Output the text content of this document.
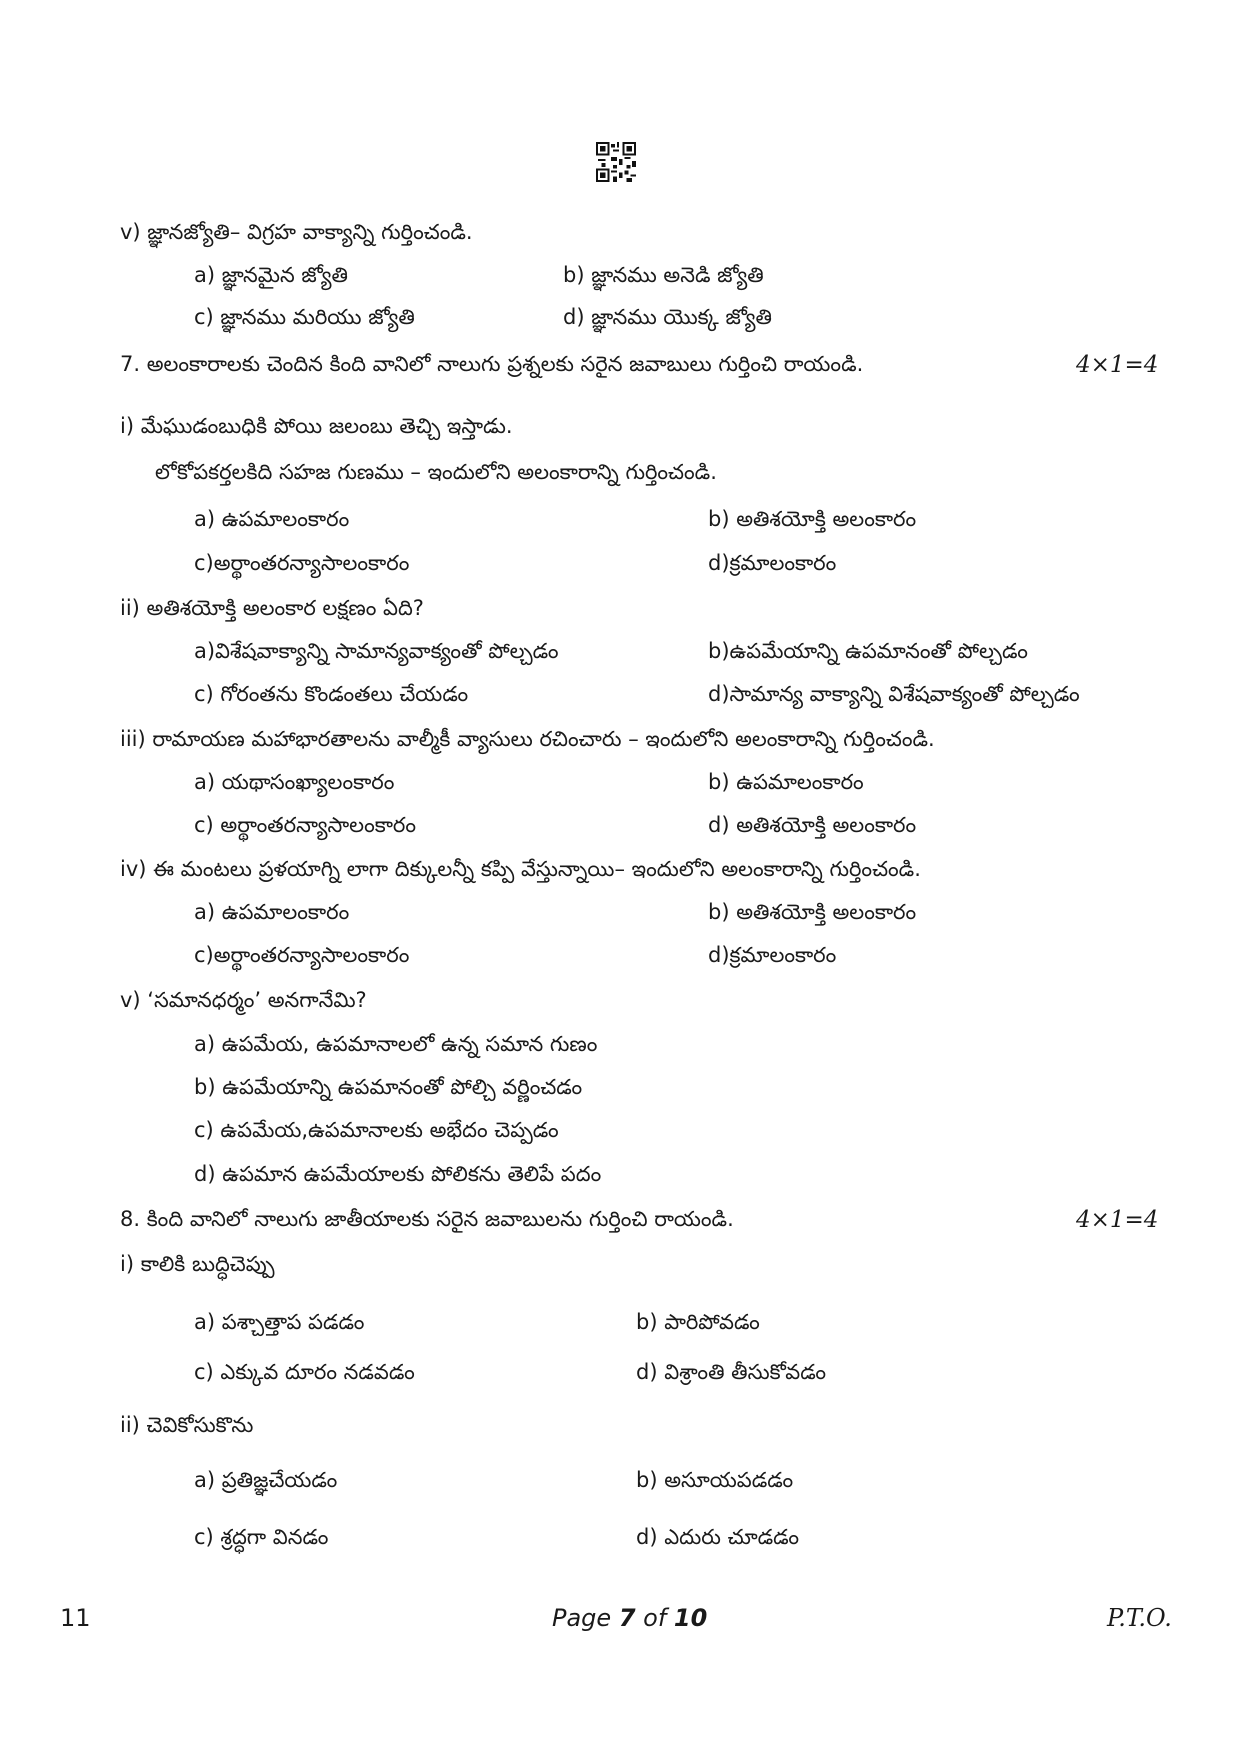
v) జ్ఞానజ్యోతి– విగ్రహ వాక్యాన్ని గుర్తించండి.
a) జ్ఞానమైన జ్యోతి	b) జ్ఞానము అనెడి జ్యోతి
c) జ్ఞానము మరియు జ్యోతి	d) జ్ఞానము యొక్క జ్యోతి
7. అలంకారాలకు చెందిన కింది వానిలో నాలుగు ప్రశ్నలకు సరైన జవాబులు గుర్తించి రాయండి.	4×1=4
i) మేఘుడంబుధికి పోయి జలంబు తెచ్చి ఇస్తాడు.
లోకోపకర్తలకిది సహజ గుణము – ఇందులోని అలంకారాన్ని గుర్తించండి.
a) ఉపమాలంకారం	b) అతిశయోక్తి అలంకారం
c)అర్థాంతరన్యాసాలంకారం	d)క్రమాలంకారం
ii) అతిశయోక్తి అలంకార లక్షణం ఏది?
a)విశేషవాక్యాన్ని సామాన్యవాక్యంతో పోల్చడం	b)ఉపమేయాన్ని ఉపమానంతో పోల్చడం
c) గోరంతను కొండంతలు చేయడం	d)సామాన్య వాక్యాన్ని విశేషవాక్యంతో పోల్చడం
iii) రామాయణ మహాభారతాలను వాల్మీకీ వ్యాసులు రచించారు – ఇందులోని అలంకారాన్ని గుర్తించండి.
a) యథాసంఖ్యాలంకారం	b) ఉపమాలంకారం
c) అర్థాంతరన్యాసాలంకారం	d) అతిశయోక్తి అలంకారం
iv) ఈ మంటలు ప్రళయాగ్ని లాగా దిక్కులన్నీ కప్పి వేస్తున్నాయి– ఇందులోని అలంకారాన్ని గుర్తించండి.
a) ఉపమాలంకారం	b) అతిశయోక్తి అలంకారం
c)అర్థాంతరన్యాసాలంకారం	d)క్రమాలంకారం
v) ‘సమానధర్మం’ అనగానేమి?
a) ఉపమేయ, ఉపమానాలలో ఉన్న సమాన గుణం
b) ఉపమేయాన్ని ఉపమానంతో పోల్చి వర్ణించడం
c) ఉపమేయ,ఉపమానాలకు అభేదం చెప్పడం
d) ఉపమాన ఉపమేయాలకు పోలికను తెలిపే పదం
8. కింది వానిలో నాలుగు జాతీయాలకు సరైన జవాబులను గుర్తించి రాయండి.	4×1=4
i) కాలికి బుద్ధిచెప్పు
a) పశ్చాత్తాప పడడం	b) పారిపోవడం
c) ఎక్కువ దూరం నడవడం	d) విశ్రాంతి తీసుకోవడం
ii) చెవికోసుకొను
a) ప్రతిజ్ఞచేయడం	b) అసూయపడడం
c) శ్రద్ధగా వినడం	d) ఎదురు చూడడం
11	Page 7 of 10	P.T.O.
